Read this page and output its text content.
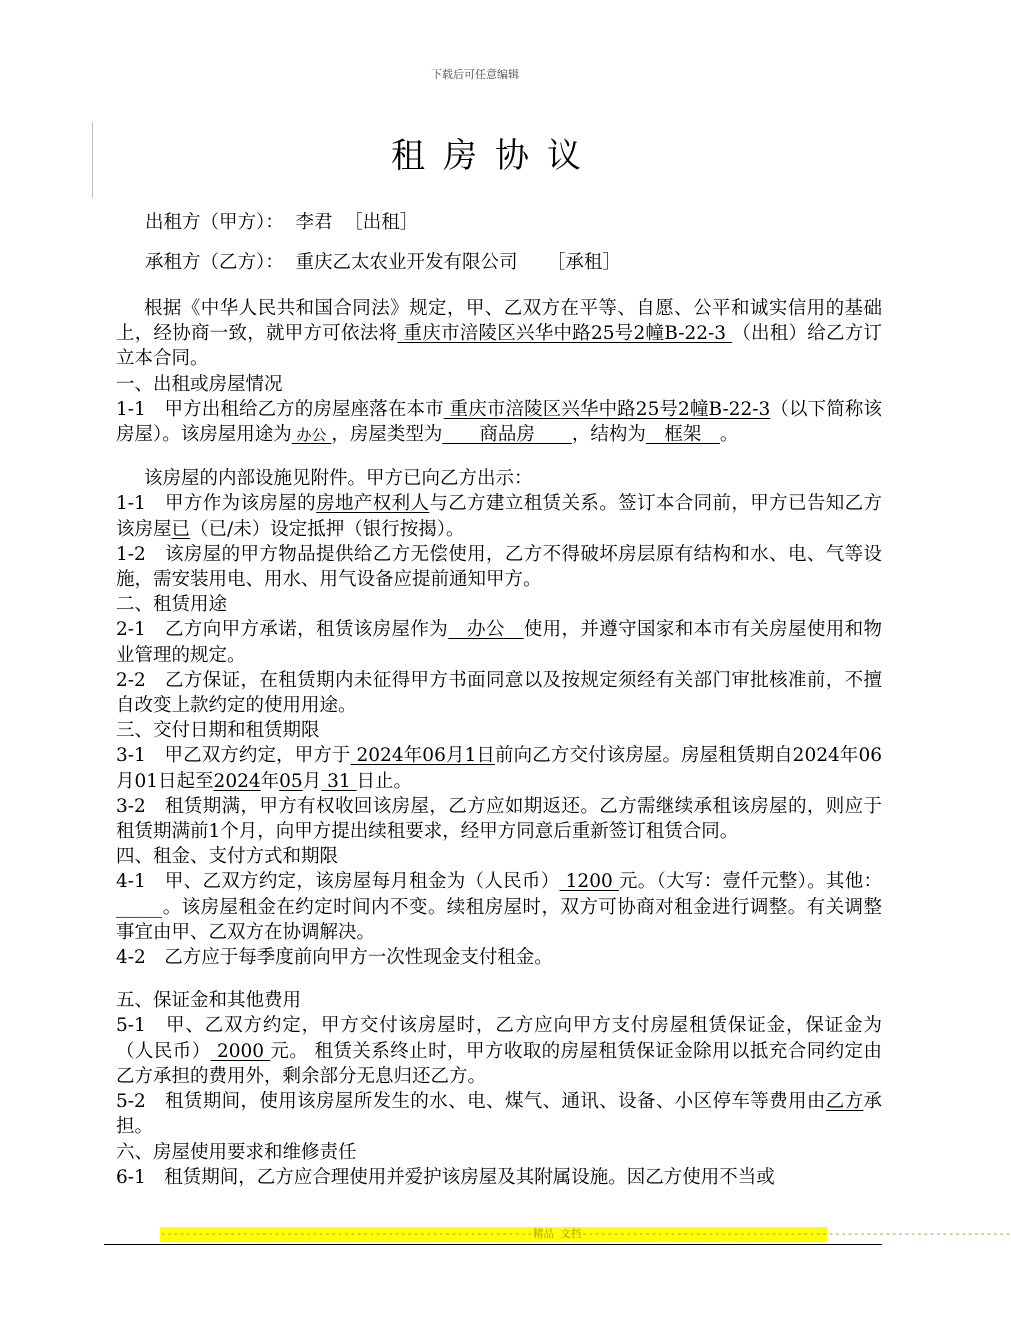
下载后可任意编辑
租房协议
出租方（甲方）：  李君  ［出租］
承租方（乙方）：  重庆乙太农业开发有限公司     ［承租］

根据《中华人民共和国合同法》规定，甲、乙双方在平等、自愿、公平和诚实信用的基础上，经协商一致，就甲方可依法将 重庆市涪陵区兴华中路25号2幢B-22-3 （出租）给乙方订立本合同。

一、出租或房屋情况

1-1　甲方出租给乙方的房屋座落在本市 重庆市涪陵区兴华中路25号2幢B-22-3（以下简称该房屋）。该房屋用途为 办公 ，房屋类型为　　商品房　　，结构为　框架　。

该房屋的内部设施见附件。甲方已向乙方出示：

1-1　甲方作为该房屋的房地产权利人与乙方建立租赁关系。签订本合同前，甲方已告知乙方该房屋已（已/未）设定抵押（银行按揭）。

1-2　该房屋的甲方物品提供给乙方无偿使用，乙方不得破坏房层原有结构和水、电、气等设施，需安装用电、用水、用气设备应提前通知甲方。

二、租赁用途

2-1　乙方向甲方承诺，租赁该房屋作为　办公　使用，并遵守国家和本市有关房屋使用和物业管理的规定。

2-2　乙方保证，在租赁期内未征得甲方书面同意以及按规定须经有关部门审批核准前，不擅自改变上款约定的使用用途。

三、交付日期和租赁期限

3-1　甲乙双方约定，甲方于 2024年06月1日前向乙方交付该房屋。房屋租赁期自2024年06月01日起至2024年05月 31 日止。

3-2　租赁期满，甲方有权收回该房屋，乙方应如期返还。乙方需继续承租该房屋的，则应于租赁期满前1个月，向甲方提出续租要求，经甲方同意后重新签订租赁合同。

四、租金、支付方式和期限

4-1　甲、乙双方约定，该房屋每月租金为（人民币） 1200 元。（大写：壹仟元整）。其他：_____。该房屋租金在约定时间内不变。续租房屋时，双方可协商对租金进行调整。有关调整事宜由甲、乙双方在协调解决。

4-2　乙方应于每季度前向甲方一次性现金支付租金。

五、保证金和其他费用

5-1　甲、乙双方约定，甲方交付该房屋时，乙方应向甲方支付房屋租赁保证金，保证金为（人民币） 2000 元。 租赁关系终止时，甲方收取的房屋租赁保证金除用以抵充合同约定由乙方承担的费用外，剩余部分无息归还乙方。

5-2　租赁期间，使用该房屋所发生的水、电、煤气、通讯、设备、小区停车等费用由乙方承担。

六、房屋使用要求和维修责任

6-1　租赁期间，乙方应合理使用并爱护该房屋及其附属设施。因乙方使用不当或

-----------------------------------------------------------精品 文档--------------------------------------------------------------------
